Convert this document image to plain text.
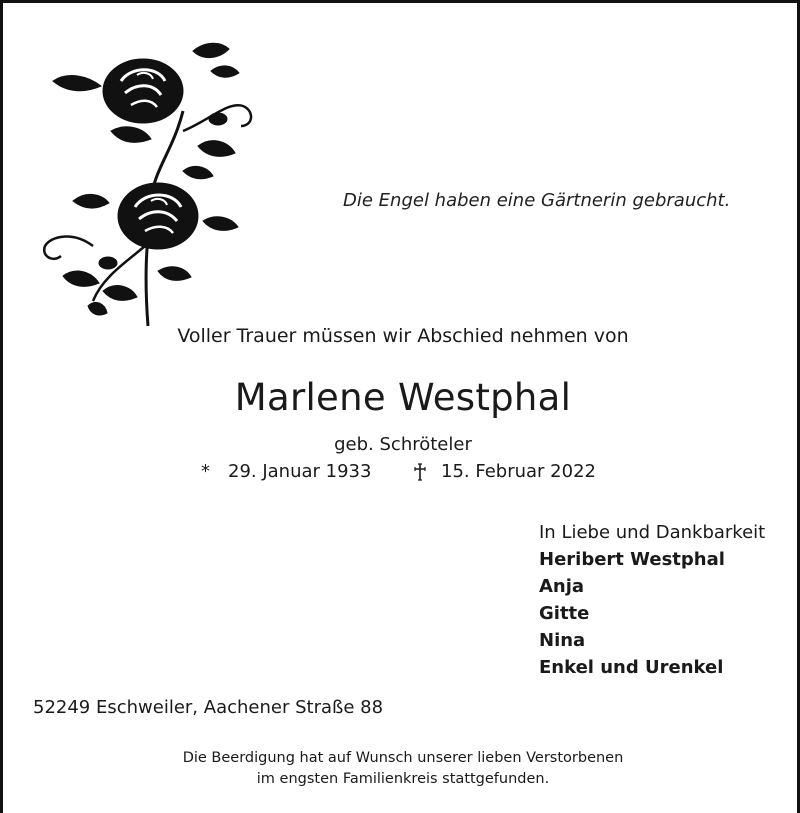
Die Engel haben eine Gärtnerin gebraucht.
Voller Trauer müssen wir Abschied nehmen von
Marlene Westphal
geb. Schröteler
* 29. Januar 1933	15. Februar 2022
In Liebe und Dankbarkeit
Heribert Westphal
Anja
Gitte
Nina
Enkel und Urenkel
52249 Eschweiler, Aachener Straße 88
Die Beerdigung hat auf Wunsch unserer lieben Verstorbenen
im engsten Familienkreis stattgefunden.
